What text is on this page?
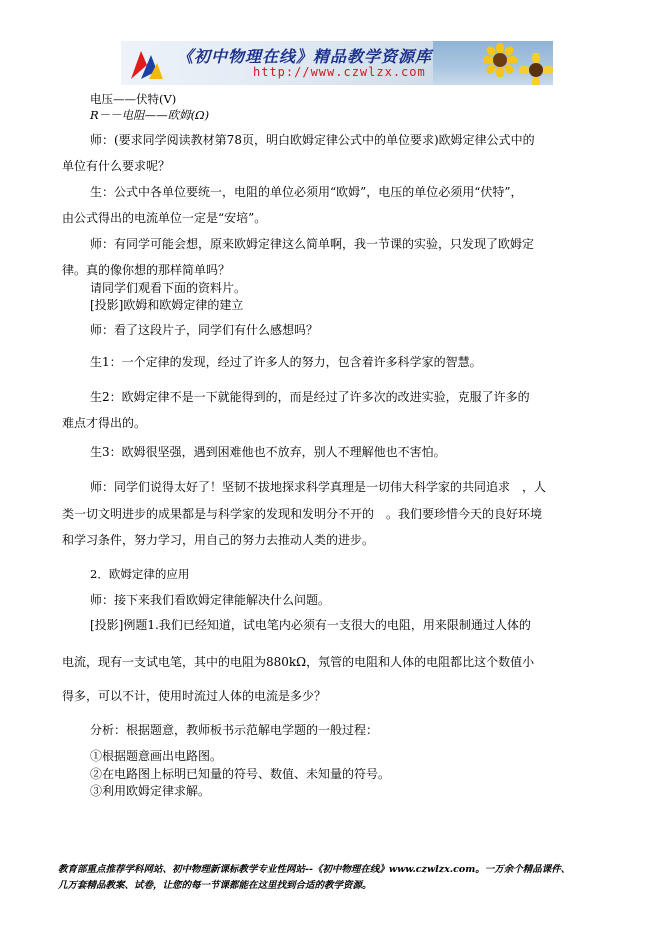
《初中物理在线》精品教学资源库
http://www.czwlzx.com
电压——伏特(V)
R－－电阻——欧姆(Ω)
师：(要求同学阅读教材第78页，明白欧姆定律公式中的单位要求)欧姆定律公式中的
单位有什么要求呢？
生：公式中各单位要统一，电阻的单位必须用“欧姆”，电压的单位必须用“伏特”，
由公式得出的电流单位一定是“安培”。
师：有同学可能会想，原来欧姆定律这么简单啊，我一节课的实验，只发现了欧姆定
律。真的像你想的那样简单吗？
请同学们观看下面的资料片。
[投影]欧姆和欧姆定律的建立
师：看了这段片子，同学们有什么感想吗？
生1：一个定律的发现，经过了许多人的努力，包含着许多科学家的智慧。
生2：欧姆定律不是一下就能得到的，而是经过了许多次的改进实验，克服了许多的
难点才得出的。
生3：欧姆很坚强，遇到困难他也不放弃，别人不理解他也不害怕。
师：同学们说得太好了！坚韧不拔地探求科学真理是一切伟大科学家的共同追求　，人
类一切文明进步的成果都是与科学家的发现和发明分不开的　。我们要珍惜今天的良好环境
和学习条件，努力学习，用自己的努力去推动人类的进步。
2．欧姆定律的应用
师：接下来我们看欧姆定律能解决什么问题。
[投影]例题1.我们已经知道，试电笔内必须有一支很大的电阻，用来限制通过人体的
电流，现有一支试电笔，其中的电阻为880kΩ，氖管的电阻和人体的电阻都比这个数值小
得多，可以不计，使用时流过人体的电流是多少？
分析：根据题意，教师板书示范解电学题的一般过程：
①根据题意画出电路图。
②在电路图上标明已知量的符号、数值、未知量的符号。
③利用欧姆定律求解。
教育部重点推荐学科网站、初中物理新课标教学专业性网站--《初中物理在线》www.czwlzx.com。一万余个精品课件、
几万套精品教案、试卷，让您的每一节课都能在这里找到合适的教学资源。
